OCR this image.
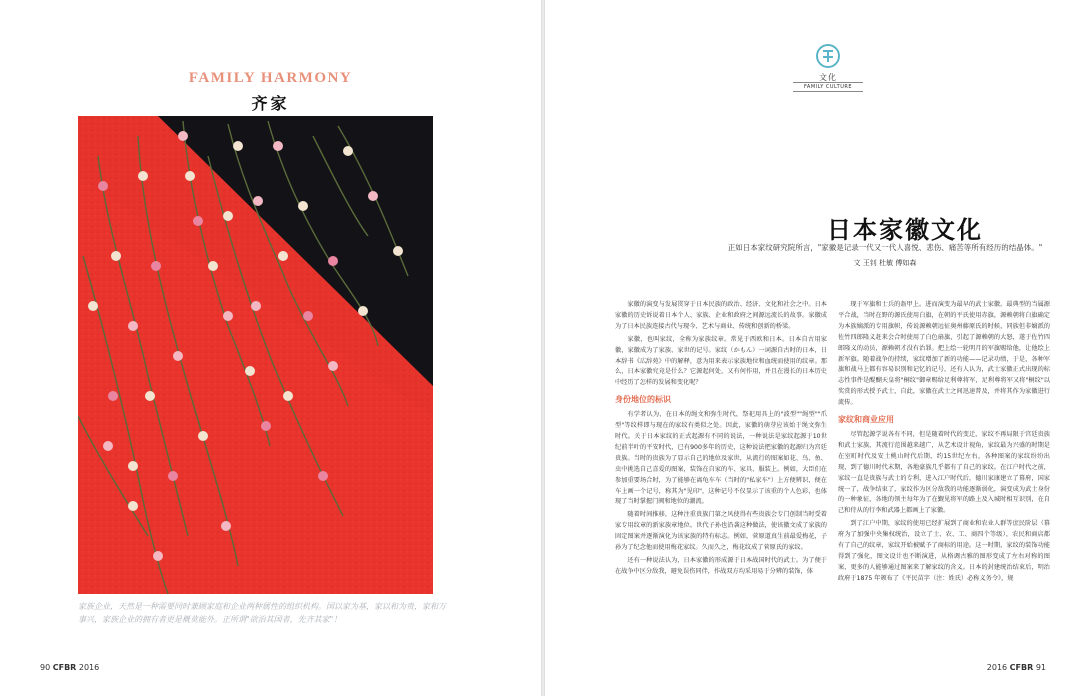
FAMILY HARMONY
齐家
家族企业，天然是一种需要同时兼顾家庭和企业两种属性的组织机构。国以家为基，家以和为贵，家和万事兴，家族企业的拥有者更是概莫能外。正所谓"欲治其国者，先齐其家"！
90 CFBR 2016
文化
FAMILY CULTURE
日本家徽文化
正如日本家纹研究院所言，"家徽是记录一代又一代人喜悦、悲伤、痛苦等所有经历的结晶体。"
文 王钊 杜敏 傅如森

家徽的演变与发展贯穿于日本民族的政治、经济、文化和社会之中。日本家徽的历史诉说着日本个人、家族、企业和政府之间源远流长的故事。家徽成为了日本民族连接古代与现今、艺术与商业、传统和创新的桥梁。

家徽，也叫家纹，全称为家族纹章。常见于西欧和日本。日本自古用家徽，家徽成为了家族、家世的记号。家纹（かもん）一词源自古时的日本，日本辞书《広辞苑》中的解释，意为用来表示家族地位和血统而使用的纹章。那么，日本家徽究竟是什么？它源起何处，又有何作用，并且在漫长的日本历史中经历了怎样的发展和变化呢？

身份地位的标识

有学者认为，在日本的绳文和弥生时代，祭祀用具上的"波型""绳型""爪型"等纹样即与现在的家纹有类似之处。因此，家徽的萌芽应该始于绳文弥生时代。关于日本家纹的正式起源有不同的说法，一种说法是家纹起源于10世纪前半叶的平安时代，已有900多年的历史，这种说法把家徽的起源归为宫廷贵族。当时的贵族为了显示自己的地位及家世，从流行的图案如花、鸟、鱼、虫中挑选自己喜爱的图案，装饰在自家的车、家具、服装上。例如，大臣们在参加重要场合时，为了能够在离龟车车（当时的"私家车"）上方便辨识，便在车上画一个记号，称其为"见印"，这种记号不仅显示了该重的个人色彩，也体现了当时掌握门阀和地位的潮流。

随着时间推移，这种注重贵族门第之风使得有些贵族会专门创制当时受着家专用纹章的新家族章地位。世代子孙也沿袭这种做法，使该徽文成了家族的固定图案并逐渐演化为该家族的特有标志。例如，菅原道真生前最爱梅花，子孙为了纪念他而使用梅花家纹。久而久之，梅花纹成了菅原氏的家纹。

还有一种说法认为，日本家徽的形成源于日本战国时代的武士。为了便于在战争中区分敌我，避免误伤同伴，作战双方均采用易于分辨的装饰，体

现于军旗和士兵的盔甲上。进而演变为最早的武士家徽。最典型的当属源平合战，当时在野的源氏使用白旗，在朝的平氏使用赤旗，源赖朝将白旗确定为本族嫡派的专用旗帜，传说源赖朝远征奥州藤原氏的时候，同族但非嫡派的佐竹四郎隆义赶来会合时使用了白色扇旗，引起了源赖朝的大怒，遂于佐竹四郎隆义的动员，源赖朝才没有治罪。把上绘一轮明月的军旗赐给他，让他绘上新军旗。随着战争的持续，家纹增加了新的功能——记录功绩，于是，各种军旗和战马上都有容易识别和记忆的记号，还有人认为，武士家徽正式出现的标志性事件是醍醐天皇将"桐纹"御章赐给足利尊将军，足利尊将军又将"桐纹"以奖赏的形式授予武士，自此，家徽在武士之间迅速普及，并将其作为家徽进行流传。

家纹和商业应用

尽管起源学说各有不同，但是随着时代的变迁，家纹不再局限于宫廷贵族和武士家族，其流行范围越来越广，从艺术设计视角，家纹最为兴盛的时期是在室町时代及安土桃山时代后期，约15世纪左右，各种图案的家纹纷纷出现，到了德川时代末期，各地豪族几乎都有了自己的家纹。在江户时代之前，家纹一直是贵族与武士的专利，进入江户时代后，德川家康建立了幕府，国家统一了，战争结束了，家纹作为区分敌我的功能逐渐弱化，演变成为武士身份的一种象征，各地的领主每年为了在觐见将军的路上及入城时相互识别，在自己和侍从的行李和武器上都画上了家徽。

到了江户中期，家纹的使用已经扩展到了商业和农业人群等庶民阶层（幕府为了加强中央集权统治，设立了士、农、工、商四个等级），农民和商店都有了自己的纹章，家纹开始被赋予了商标的用途。这一时期，家纹的装饰功能得到了强化，图文设计也不断演进，从格调古雅的图形变成了左右对称的图案，更多的人能够通过图案来了解家纹的含义。日本的封建统治结束后，明治政府于1875 年颁布了《平民苗字（注：姓氏）必称义务令》，规

2016 CFBR 91
